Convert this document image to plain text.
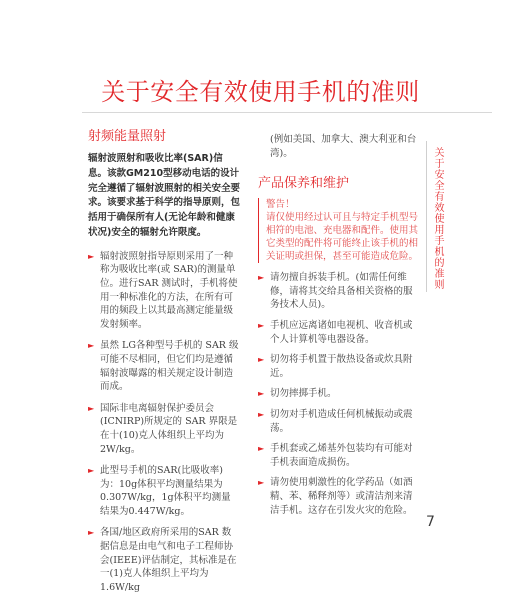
关于安全有效使用手机的准则
射频能量照射

辐射波照射和吸收比率(SAR)信息。该款GM210型移动电话的设计完全遵循了辐射波照射的相关安全要求。该要求基于科学的指导原则，包括用于确保所有人(无论年龄和健康状况)安全的辐射允许限度。

► 辐射波照射指导原则采用了一种称为吸收比率(或 SAR)的测量单位。进行SAR 测试时，手机将使用一种标准化的方法，在所有可用的频段上以其最高测定能量级发射频率。
► 虽然 LG各种型号手机的 SAR 级可能不尽相同，但它们均是遵循辐射波曝露的相关规定设计制造而成。
► 国际非电离辐射保护委员会(ICNIRP)所规定的 SAR 界限是在十(10)克人体组织上平均为2W/kg。
► 此型号手机的SAR(比吸收率)为：10g体积平均测量结果为0.307W/kg，1g体积平均测量结果为0.447W/kg。
► 各国/地区政府所采用的SAR 数据信息是由电气和电子工程师协会(IEEE)评估制定，其标准是在一(1)克人体组织上平均为 1.6W/kg
(例如美国、加拿大、澳大利亚和台湾)。
产品保养和维护
警告！
请仅使用经过认可且与特定手机型号相符的电池、充电器和配件。使用其它类型的配件将可能终止该手机的相关证明或担保，甚至可能造成危险。
► 请勿擅自拆装手机。(如需任何维修，请将其交给具备相关资格的服务技术人员)。
► 手机应远离诸如电视机、收音机或个人计算机等电器设备。
► 切勿将手机置于散热设备或炊具附近。
► 切勿摔掷手机。
► 切勿对手机造成任何机械振动或震荡。
► 手机套或乙烯基外包装均有可能对手机表面造成损伤。
► 请勿使用刺激性的化学药品（如酒精、苯、稀释剂等）或清洁剂来清洁手机。这存在引发火灾的危险。
关于安全有效使用手机的准则
7
